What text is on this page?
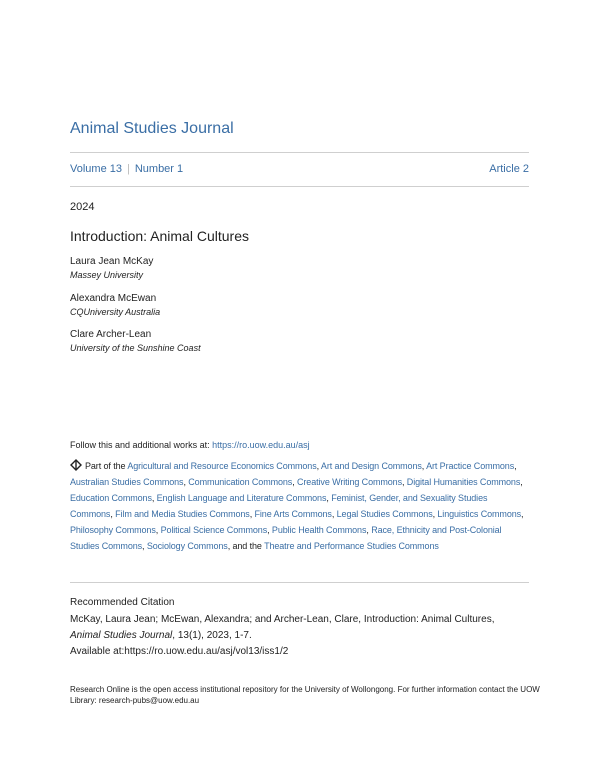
Animal Studies Journal
Volume 13 | Number 1	Article 2
2024
Introduction: Animal Cultures
Laura Jean McKay
Massey University
Alexandra McEwan
CQUniversity Australia
Clare Archer-Lean
University of the Sunshine Coast
Follow this and additional works at: https://ro.uow.edu.au/asj
Part of the Agricultural and Resource Economics Commons, Art and Design Commons, Art Practice Commons, Australian Studies Commons, Communication Commons, Creative Writing Commons, Digital Humanities Commons, Education Commons, English Language and Literature Commons, Feminist, Gender, and Sexuality Studies Commons, Film and Media Studies Commons, Fine Arts Commons, Legal Studies Commons, Linguistics Commons, Philosophy Commons, Political Science Commons, Public Health Commons, Race, Ethnicity and Post-Colonial Studies Commons, Sociology Commons, and the Theatre and Performance Studies Commons
Recommended Citation
McKay, Laura Jean; McEwan, Alexandra; and Archer-Lean, Clare, Introduction: Animal Cultures,
Animal Studies Journal, 13(1), 2023, 1-7.
Available at:https://ro.uow.edu.au/asj/vol13/iss1/2
Research Online is the open access institutional repository for the University of Wollongong. For further information contact the UOW Library: research-pubs@uow.edu.au
